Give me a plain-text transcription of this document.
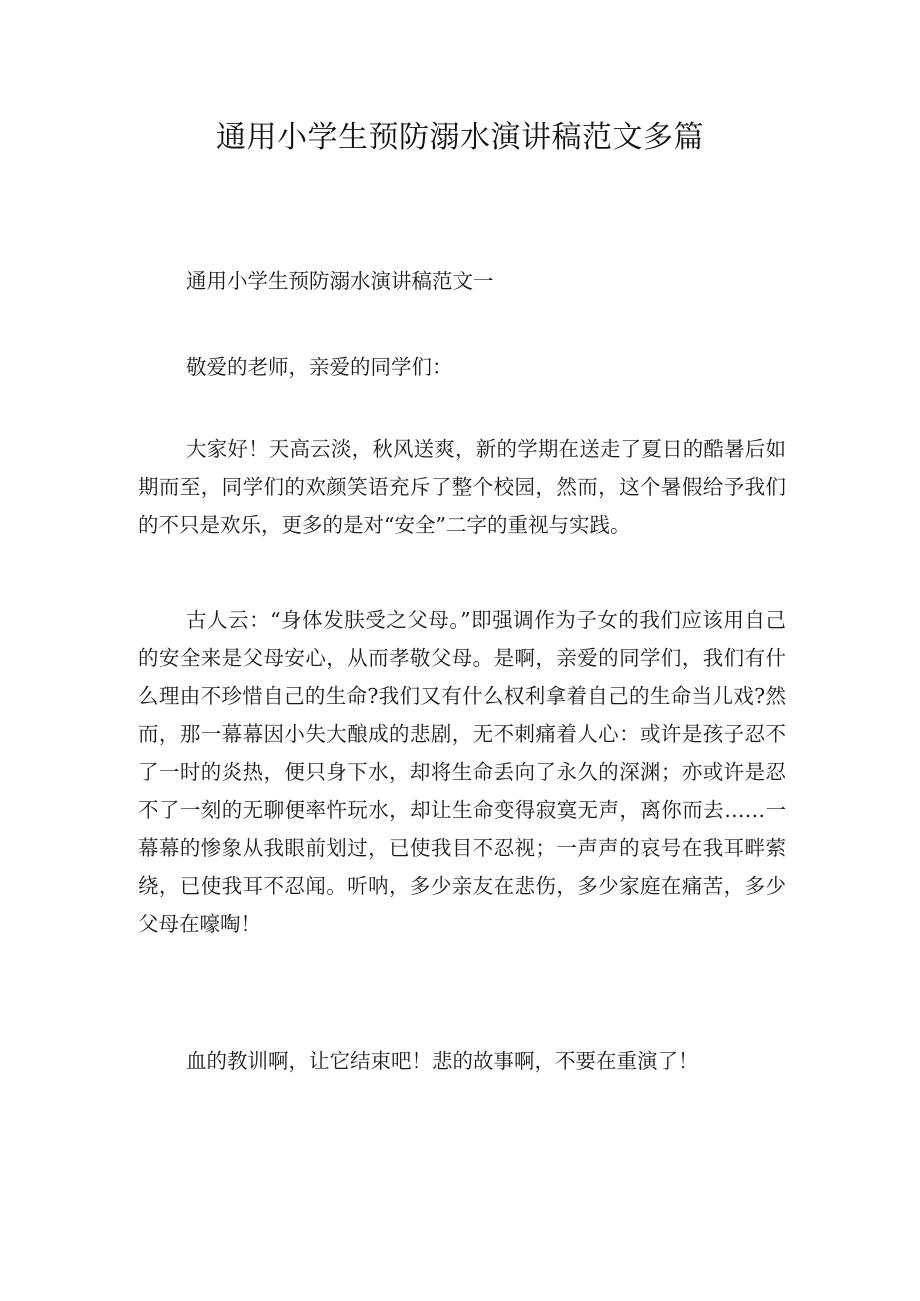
通用小学生预防溺水演讲稿范文多篇

通用小学生预防溺水演讲稿范文一

敬爱的老师，亲爱的同学们：

大家好！天高云淡，秋风送爽，新的学期在送走了夏日的酷暑后如期而至，同学们的欢颜笑语充斥了整个校园，然而，这个暑假给予我们的不只是欢乐，更多的是对“安全”二字的重视与实践。

古人云：“身体发肤受之父母。”即强调作为子女的我们应该用自己的安全来是父母安心，从而孝敬父母。是啊，亲爱的同学们，我们有什么理由不珍惜自己的生命?我们又有什么权利拿着自己的生命当儿戏?然而，那一幕幕因小失大酿成的悲剧，无不刺痛着人心：或许是孩子忍不了一时的炎热，便只身下水，却将生命丢向了永久的深渊；亦或许是忍不了一刻的无聊便率忤玩水，却让生命变得寂寞无声，离你而去……一幕幕的惨象从我眼前划过，已使我目不忍视；一声声的哀号在我耳畔萦绕，已使我耳不忍闻。听呐，多少亲友在悲伤，多少家庭在痛苦，多少父母在嚎啕！

血的教训啊，让它结束吧！悲的故事啊，不要在重演了！
